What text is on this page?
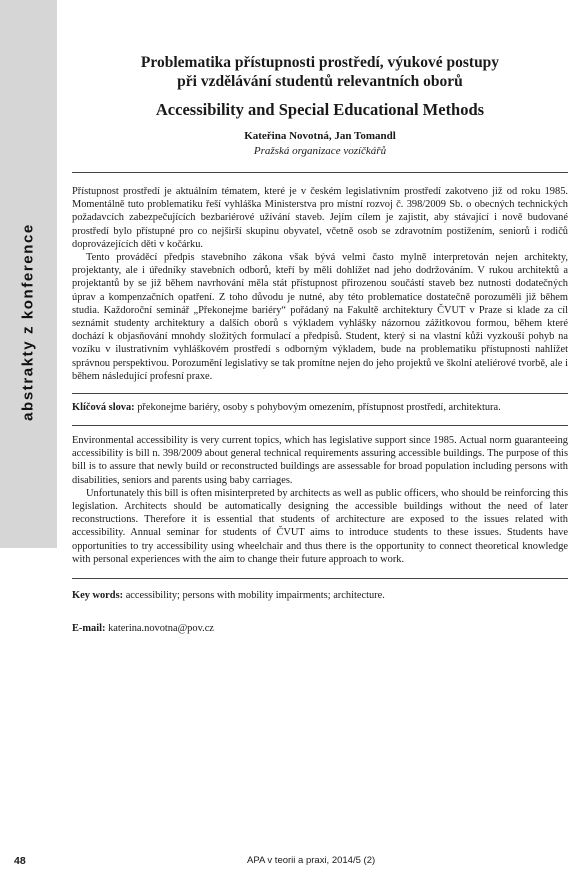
abstrakty z konference
Problematika přístupnosti prostředí, výukové postupy
při vzdělávání studentů relevantních oborů
Accessibility and Special Educational Methods
Kateřina Novotná, Jan Tomandl
Pražská organizace vozíčkářů

Přístupnost prostředí je aktuálním tématem, které je v českém legislativním prostředí zakotveno již od roku 1985. Momentálně tuto problematiku řeší vyhláška Ministerstva pro místní rozvoj č. 398/2009 Sb. o obecných technických požadavcích zabezpečujících bezbariérové užívání staveb. Jejím cílem je zajistit, aby stávající i nově budované prostředí bylo přístupné pro co nejširší skupinu obyvatel, včetně osob se zdravotním postižením, seniorů i rodičů doprovázejících děti v kočárku.

Tento prováděcí předpis stavebního zákona však bývá velmi často mylně interpretován nejen architekty, projektanty, ale i úředníky stavebních odborů, kteří by měli dohlížet nad jeho dodržováním. V rukou architektů a projektantů by se již během navrhování měla stát přístupnost přirozenou součástí staveb bez nutnosti dodatečných úprav a kompenzačních opatření. Z toho důvodu je nutné, aby této problematice dostatečně porozuměli již během studia. Každoroční seminář „Překonejme bariéry“ pořádaný na Fakultě architektury ČVUT v Praze si klade za cíl seznámit studenty architektury a dalších oborů s výkladem vyhlášky názornou zážitkovou formou, během které dochází k objasňování mnohdy složitých formulací a předpisů. Student, který si na vlastní kůži vyzkouší pohyb na vozíku v ilustrativním vyhláškovém prostředí s odborným výkladem, bude na problematiku přístupnosti nahlížet správnou perspektivou. Porozumění legislativy se tak promítne nejen do jeho projektů ve školní ateliérové tvorbě, ale i během následující profesní praxe.

Klíčová slova: překonejme bariéry, osoby s pohybovým omezením, přístupnost prostředí, architektura.

Environmental accessibility is very current topics, which has legislative support since 1985. Actual norm guaranteeing accessibility is bill n. 398/2009 about general technical requirements assuring accessible buildings. The purpose of this bill is to assure that newly build or reconstructed buildings are assessable for broad population including persons with disabilities, seniors and parents using baby carriages.

Unfortunately this bill is often misinterpreted by architects as well as public officers, who should be reinforcing this legislation. Architects should be automatically designing the accessible buildings without the need of later reconstructions. Therefore it is essential that students of architecture are exposed to the issues related with accessibility. Annual seminar for students of ČVUT aims to introduce students to these issues. Students have opportunities to try accessibility using wheelchair and thus there is the opportunity to connect theoretical knowledge with personal experiences with the aim to change their future approach to work.

Key words: accessibility; persons with mobility impairments; architecture.
E-mail: katerina.novotna@pov.cz
48	APA v teorii a praxi, 2014/5 (2)
